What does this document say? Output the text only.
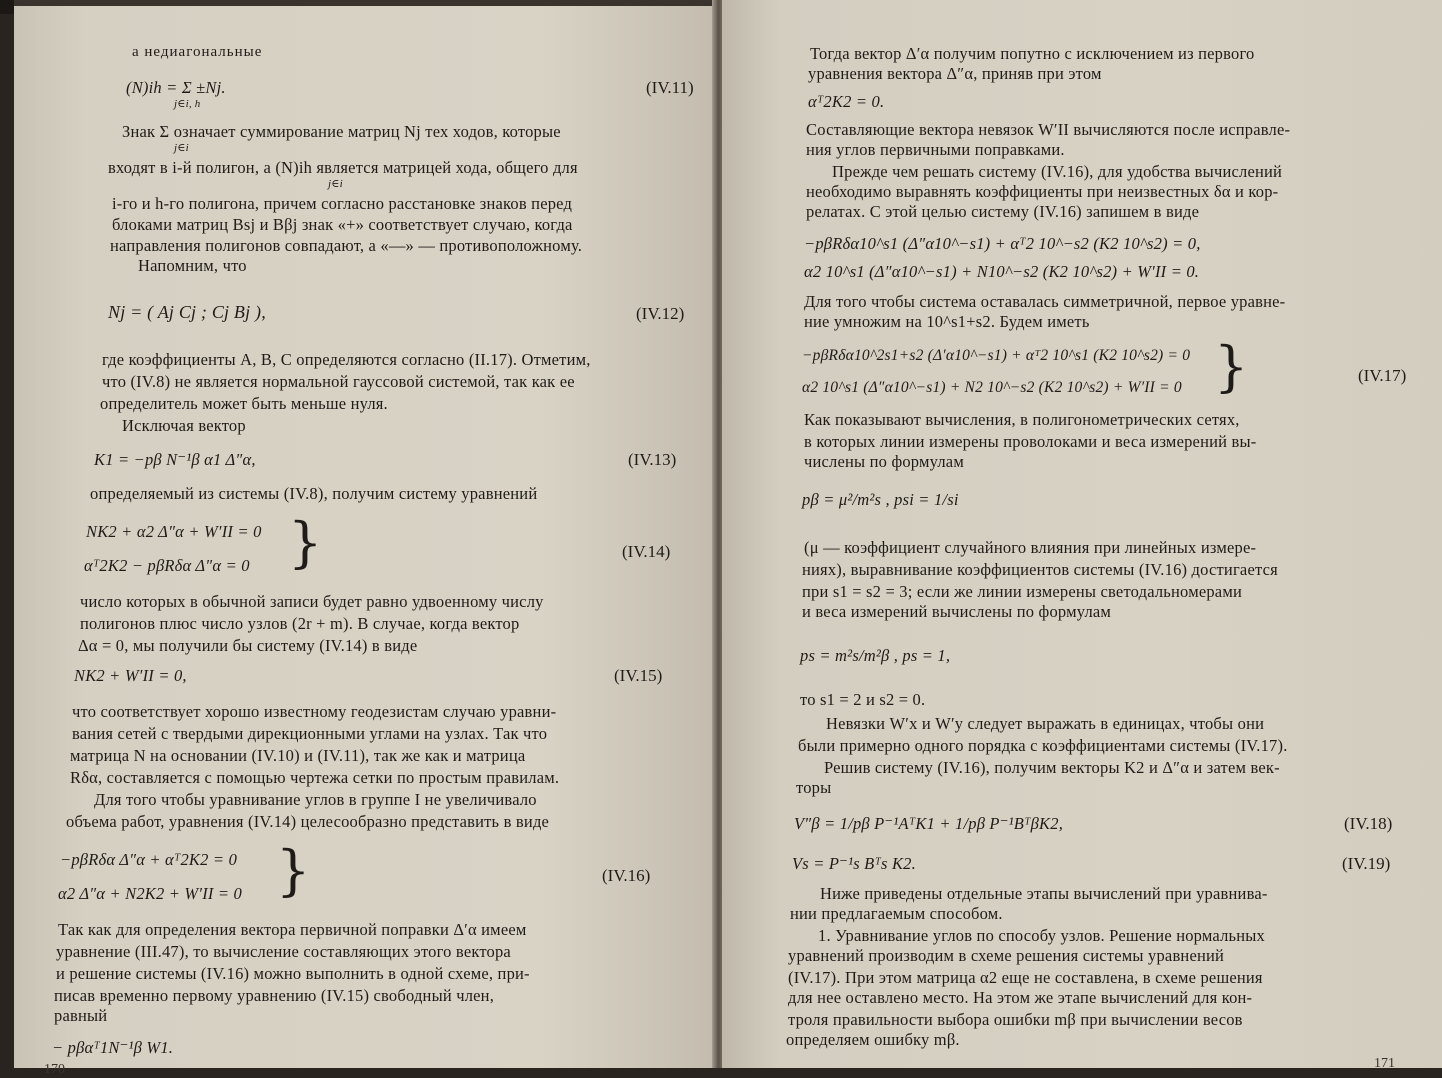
а недиагональные
(N)ih = Σ ±Nj.
j∈i, h
(IV.11)
Знак Σ означает суммирование матриц Nj тех ходов, которые
j∈i
входят в i-й полигон, а (N)ih является матрицей хода, общего для
j∈i
i-го и h-го полигона, причем согласно расстановке знаков перед
блоками матриц Bsj и Bβj знак «+» соответствует случаю, когда
направления полигонов совпадают, а «—» — противоположному.
Напомним, что
Nj = ( Aj Cj ; Cj Bj ),	(IV.12)
где коэффициенты A, B, C определяются согласно (II.17). Отметим,
что (IV.8) не является нормальной гауссовой системой, так как ее
определитель может быть меньше нуля.
Исключая вектор
K1 = −pβ N⁻¹β α1 Δ″α,	(IV.13)
определяемый из системы (IV.8), получим систему уравнений
NK2 + α2 Δ″α + W′II = 0
αᵀ2K2 − pβRδα Δ″α = 0 }	(IV.14)
число которых в обычной записи будет равно удвоенному числу
полигонов плюс число узлов (2r + m). В случае, когда вектор
Δα = 0, мы получили бы систему (IV.14) в виде
NK2 + W′II = 0,	(IV.15)
что соответствует хорошо известному геодезистам случаю уравни-
вания сетей с твердыми дирекционными углами на узлах. Так что
матрица N на основании (IV.10) и (IV.11), так же как и матрица
Rδα, составляется с помощью чертежа сетки по простым правилам.
Для того чтобы уравнивание углов в группе I не увеличивало
объема работ, уравнения (IV.14) целесообразно представить в виде
−pβRδα Δ″α + αᵀ2K2 = 0
α2 Δ″α + N2K2 + W′II = 0 }	(IV.16)
Так как для определения вектора первичной поправки Δ′α имеем
уравнение (III.47), то вычисление составляющих этого вектора
и решение системы (IV.16) можно выполнить в одной схеме, при-
писав временно первому уравнению (IV.15) свободный член,
равный
− pβαᵀ1N⁻¹β W1.
170
Тогда вектор Δ′α получим попутно с исключением из первого
уравнения вектора Δ″α, приняв при этом
αᵀ2K2 = 0.
Составляющие вектора невязок W′II вычисляются после исправле-
ния углов первичными поправками.
Прежде чем решать систему (IV.16), для удобства вычислений
необходимо выравнять коэффициенты при неизвестных δα и кор-
релатах. С этой целью систему (IV.16) запишем в виде
−pβRδα10^s1 (Δ″α10^−s1) + αᵀ2 10^−s2 (K2 10^s2) = 0,
α2 10^s1 (Δ″α10^−s1) + N10^−s2 (K2 10^s2) + W′II = 0.
Для того чтобы система оставалась симметричной, первое уравне-
ние умножим на 10^s1+s2. Будем иметь
−pβRδα10^2s1+s2 (Δ′α10^−s1) + αᵀ2 10^s1 (K2 10^s2) = 0
α2 10^s1 (Δ″α10^−s1) + N2 10^−s2 (K2 10^s2) + W′II = 0 }	(IV.17)
Как показывают вычисления, в полигонометрических сетях,
в которых линии измерены проволоками и веса измерений вы-
числены по формулам
pβ = μ²/m²s , psi = 1/si
(μ — коэффициент случайного влияния при линейных измере-
ниях), выравнивание коэффициентов системы (IV.16) достигается
при s1 = s2 = 3; если же линии измерены светодальномерами
и веса измерений вычислены по формулам
ps = m²s/m²β , ps = 1,
то s1 = 2 и s2 = 0.
Невязки W′x и W′y следует выражать в единицах, чтобы они
были примерно одного порядка с коэффициентами системы (IV.17).
Решив систему (IV.16), получим векторы K2 и Δ″α и затем век-
торы
V″β = 1/pβ P⁻¹AᵀK1 + 1/pβ P⁻¹BᵀβK2,	(IV.18)
Vs = P⁻¹s Bᵀs K2.	(IV.19)
Ниже приведены отдельные этапы вычислений при уравнива-
нии предлагаемым способом.
1. Уравнивание углов по способу узлов. Решение нормальных
уравнений производим в схеме решения системы уравнений
(IV.17). При этом матрица α2 еще не составлена, в схеме решения
для нее оставлено место. На этом же этапе вычислений для кон-
троля правильности выбора ошибки mβ при вычислении весов
определяем ошибку mβ.
171
